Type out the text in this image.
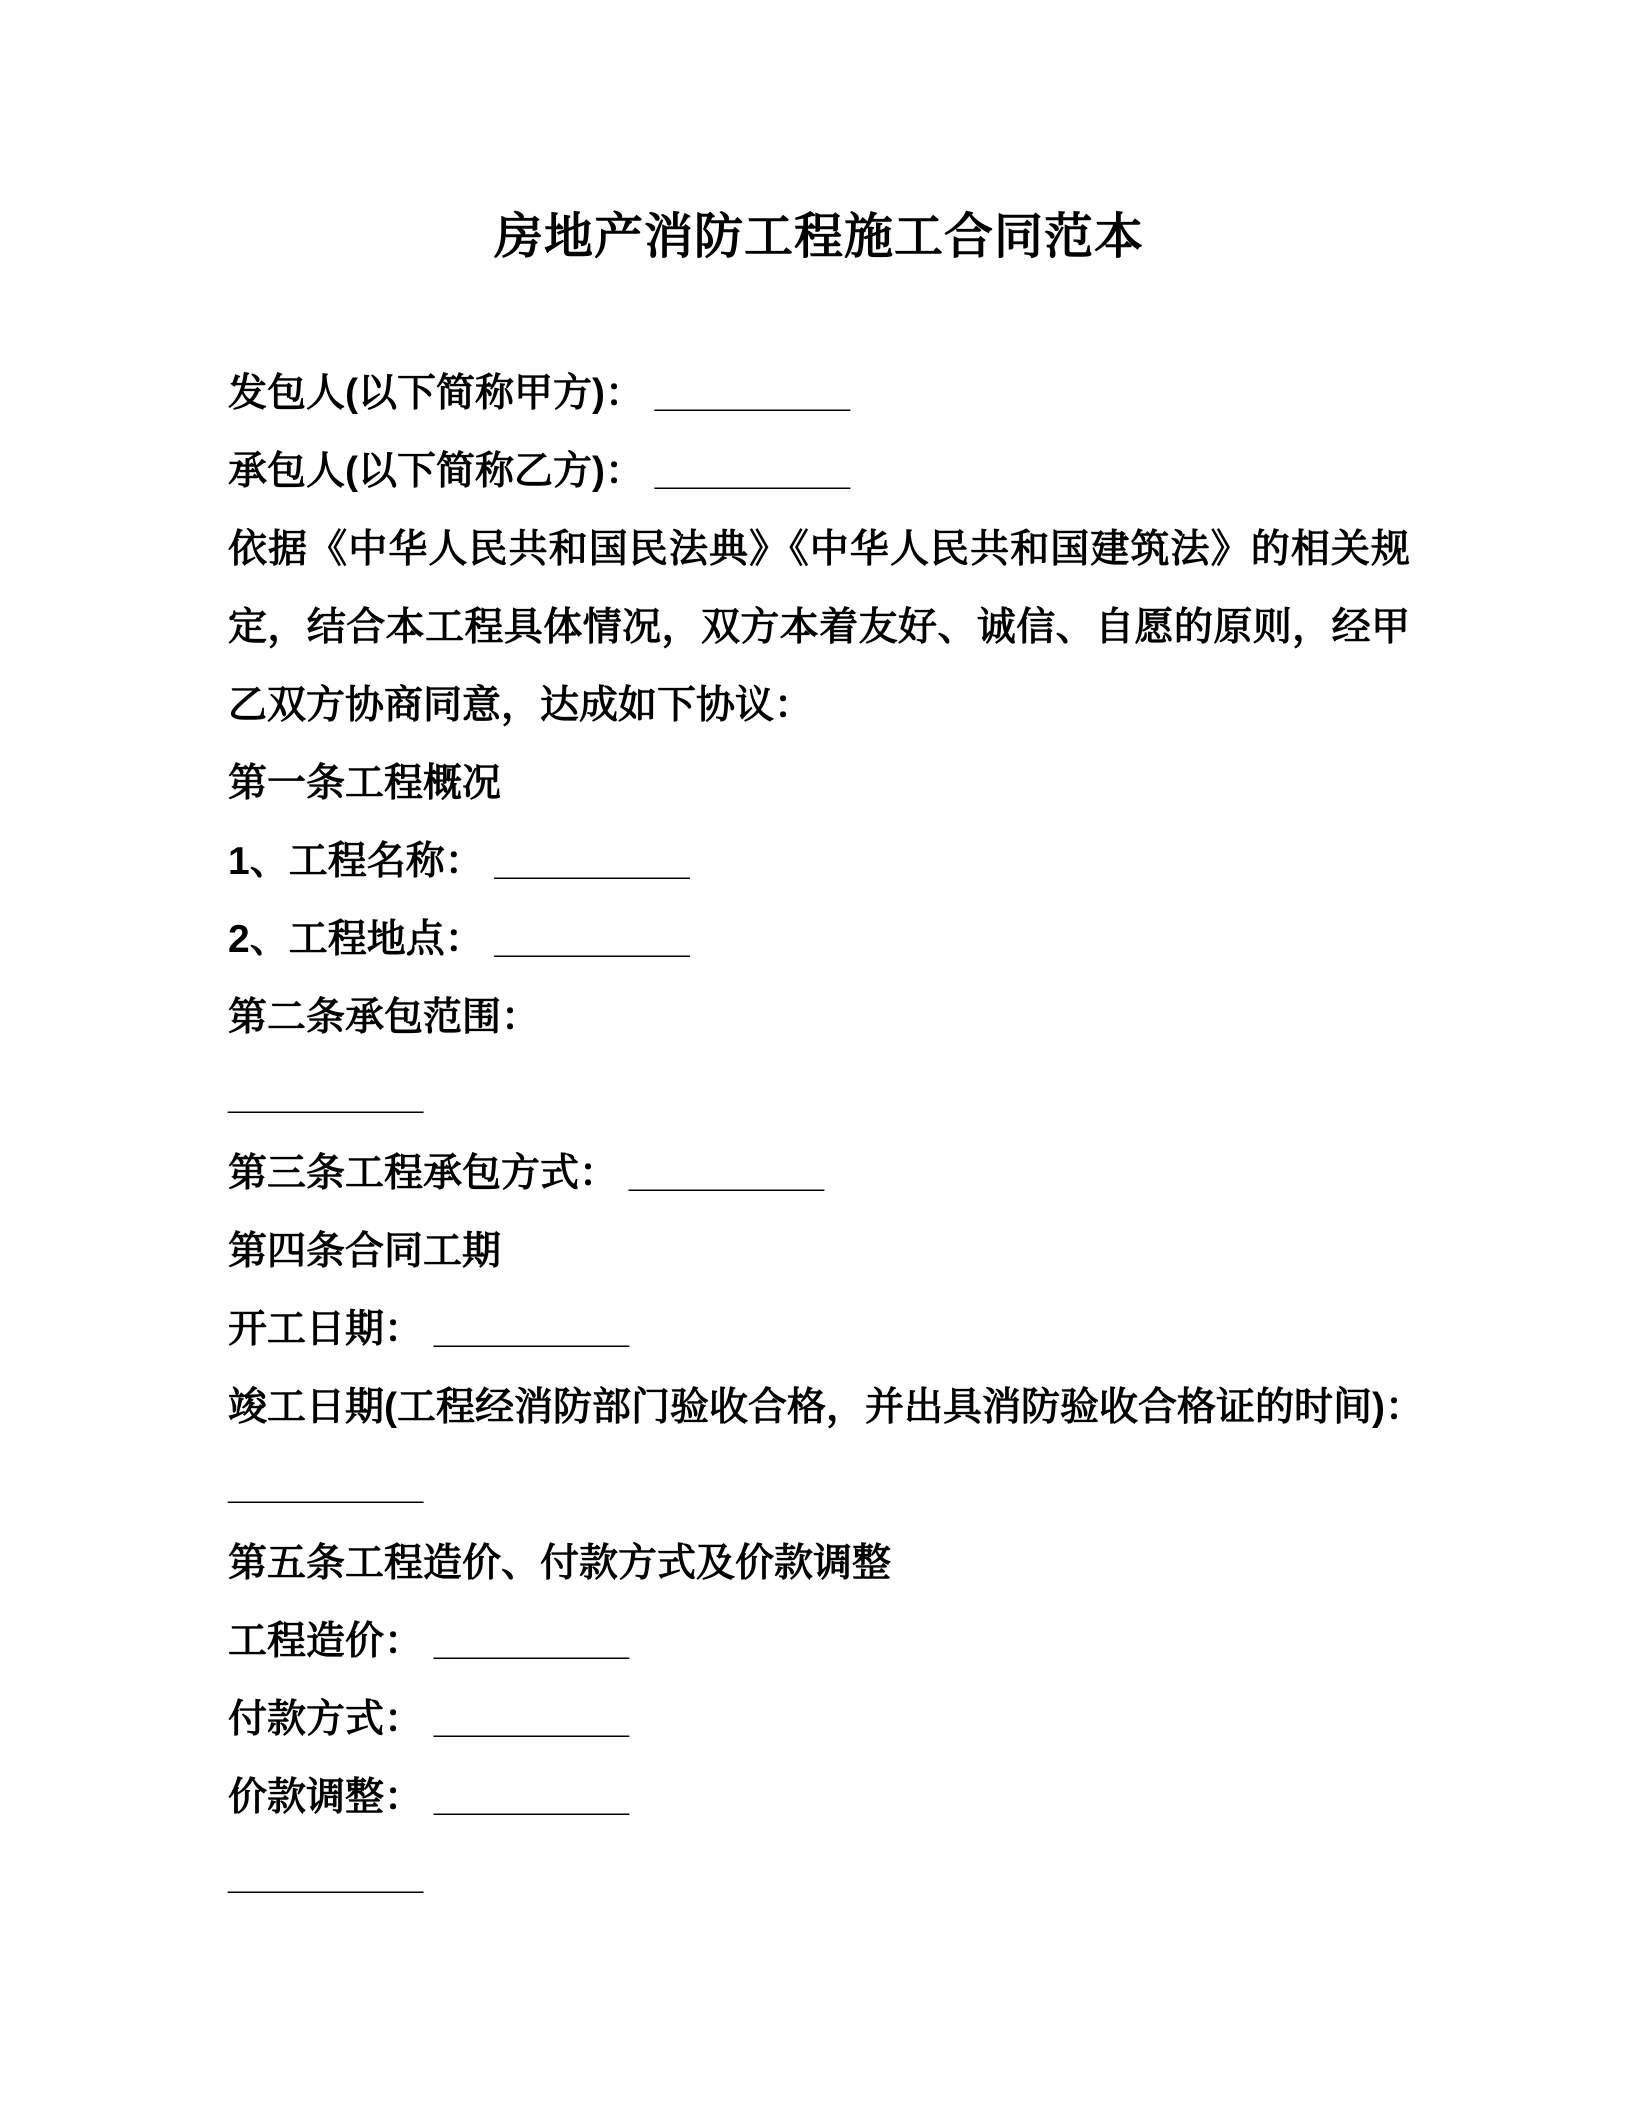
房地产消防工程施工合同范本
发包人(以下简称甲方)： _________
承包人(以下简称乙方)： _________
依据《中华人民共和国民法典》《中华人民共和国建筑法》的相关规定，结合本工程具体情况，双方本着友好、诚信、自愿的原则，经甲乙双方协商同意，达成如下协议：
第一条工程概况
1、工程名称： _________
2、工程地点： _________
第二条承包范围：
_________
第三条工程承包方式： _________
第四条合同工期
开工日期： _________
竣工日期(工程经消防部门验收合格，并出具消防验收合格证的时间)：
_________
第五条工程造价、付款方式及价款调整
工程造价： _________
付款方式： _________
价款调整： _________
_________
